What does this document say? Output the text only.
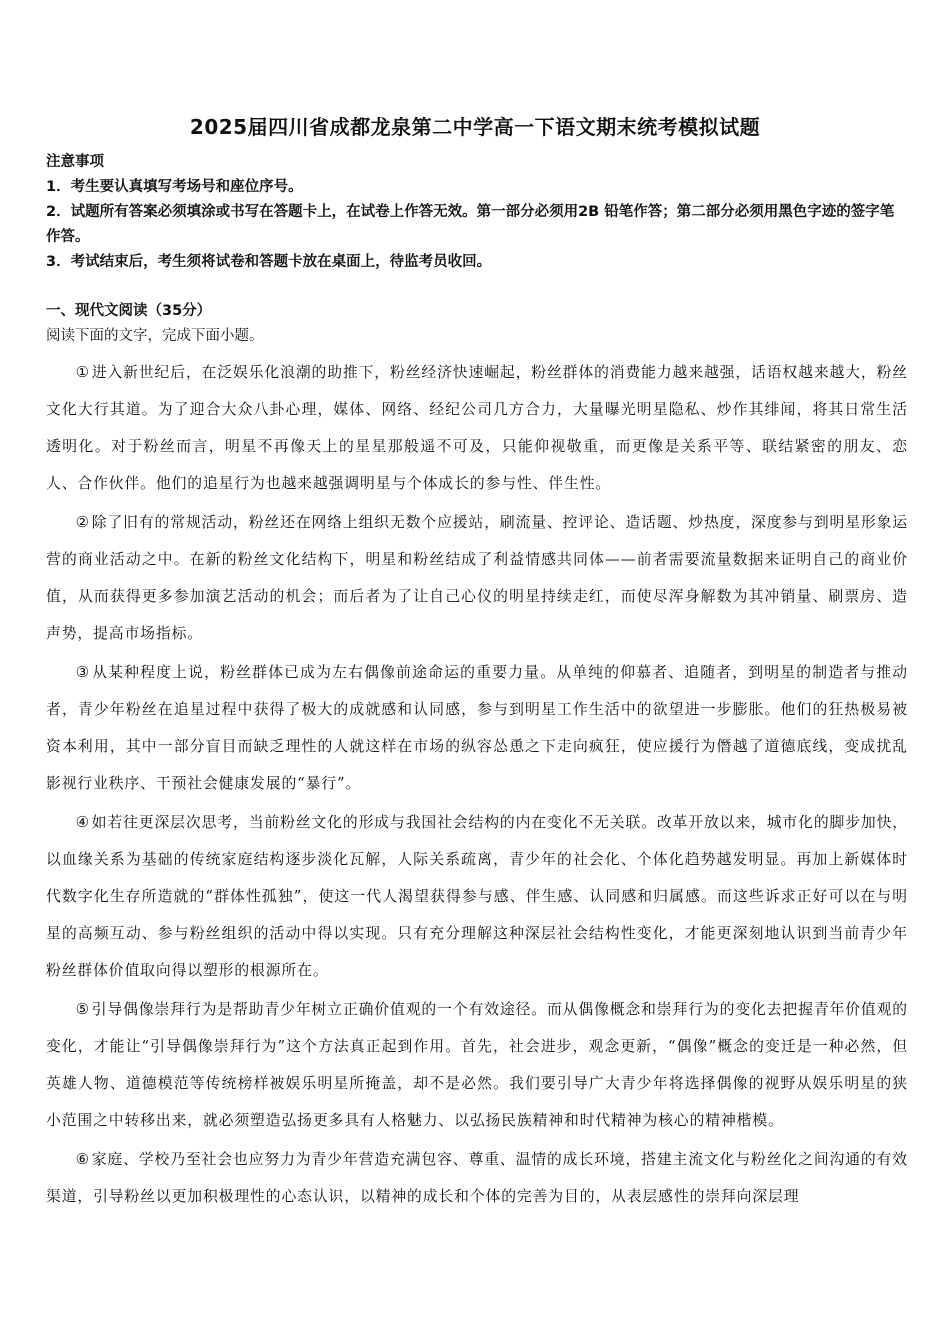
2025届四川省成都龙泉第二中学高一下语文期末统考模拟试题

注意事项

1．考生要认真填写考场号和座位序号。

2．试题所有答案必须填涂或书写在答题卡上，在试卷上作答无效。第一部分必须用2B 铅笔作答；第二部分必须用黑色字迹的签字笔作答。

3．考试结束后，考生须将试卷和答题卡放在桌面上，待监考员收回。

一、现代文阅读（35分）

阅读下面的文字，完成下面小题。

① 进入新世纪后，在泛娱乐化浪潮的助推下，粉丝经济快速崛起，粉丝群体的消费能力越来越强，话语权越来越大，粉丝文化大行其道。为了迎合大众八卦心理，媒体、网络、经纪公司几方合力，大量曝光明星隐私、炒作其绯闻，将其日常生活透明化。对于粉丝而言，明星不再像天上的星星那般遥不可及，只能仰视敬重，而更像是关系平等、联结紧密的朋友、恋人、合作伙伴。他们的追星行为也越来越强调明星与个体成长的参与性、伴生性。

② 除了旧有的常规活动，粉丝还在网络上组织无数个应援站，刷流量、控评论、造话题、炒热度，深度参与到明星形象运营的商业活动之中。在新的粉丝文化结构下，明星和粉丝结成了利益情感共同体——前者需要流量数据来证明自己的商业价值，从而获得更多参加演艺活动的机会；而后者为了让自己心仪的明星持续走红，而使尽浑身解数为其冲销量、刷票房、造声势，提高市场指标。

③ 从某种程度上说，粉丝群体已成为左右偶像前途命运的重要力量。从单纯的仰慕者、追随者，到明星的制造者与推动者，青少年粉丝在追星过程中获得了极大的成就感和认同感，参与到明星工作生活中的欲望进一步膨胀。他们的狂热极易被资本利用，其中一部分盲目而缺乏理性的人就这样在市场的纵容怂恿之下走向疯狂，使应援行为僭越了道德底线，变成扰乱影视行业秩序、干预社会健康发展的“暴行”。

④ 如若往更深层次思考，当前粉丝文化的形成与我国社会结构的内在变化不无关联。改革开放以来，城市化的脚步加快，以血缘关系为基础的传统家庭结构逐步淡化瓦解，人际关系疏离，青少年的社会化、个体化趋势越发明显。再加上新媒体时代数字化生存所造就的“群体性孤独”，使这一代人渴望获得参与感、伴生感、认同感和归属感。而这些诉求正好可以在与明星的高频互动、参与粉丝组织的活动中得以实现。只有充分理解这种深层社会结构性变化，才能更深刻地认识到当前青少年粉丝群体价值取向得以塑形的根源所在。

⑤ 引导偶像崇拜行为是帮助青少年树立正确价值观的一个有效途径。而从偶像概念和崇拜行为的变化去把握青年价值观的变化，才能让“引导偶像崇拜行为”这个方法真正起到作用。首先，社会进步，观念更新，“偶像”概念的变迁是一种必然，但英雄人物、道德模范等传统榜样被娱乐明星所掩盖，却不是必然。我们要引导广大青少年将选择偶像的视野从娱乐明星的狭小范围之中转移出来，就必须塑造弘扬更多具有人格魅力、以弘扬民族精神和时代精神为核心的精神楷模。

⑥ 家庭、学校乃至社会也应努力为青少年营造充满包容、尊重、温情的成长环境，搭建主流文化与粉丝化之间沟通的有效渠道，引导粉丝以更加积极理性的心态认识，以精神的成长和个体的完善为目的，从表层感性的崇拜向深层理
